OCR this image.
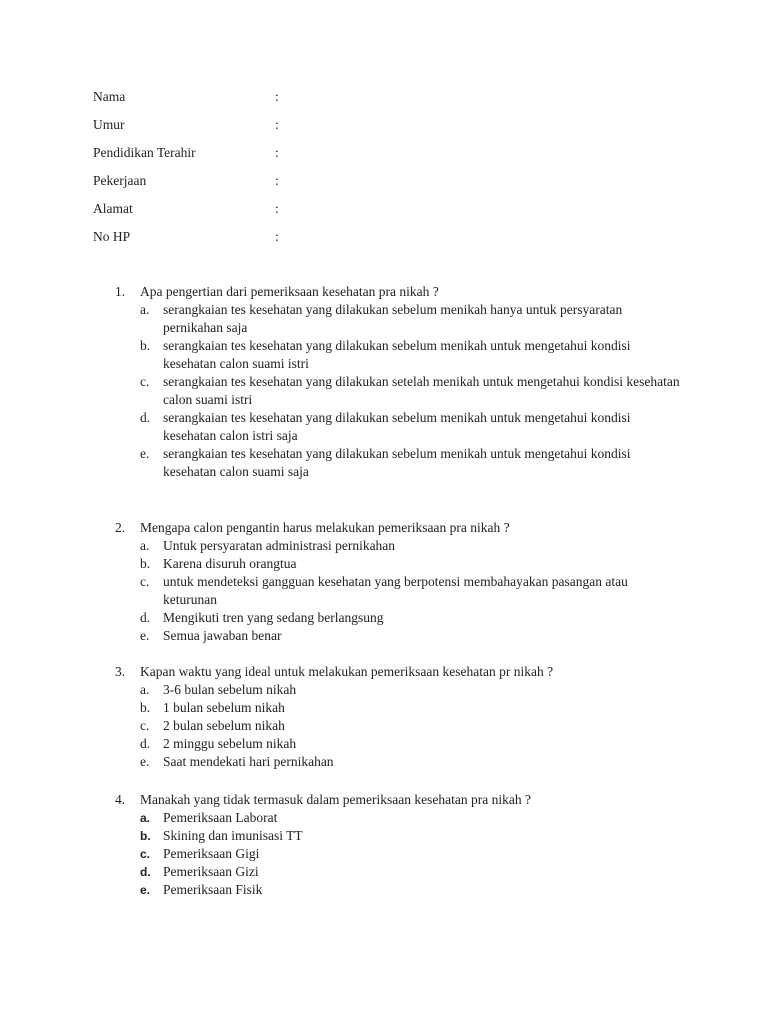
Nama	:
Umur	:
Pendidikan Terahir	:
Pekerjaan	:
Alamat	:
No HP	:
1. Apa pengertian dari pemeriksaan kesehatan pra nikah ?
a. serangkaian tes kesehatan yang dilakukan sebelum menikah hanya untuk persyaratan pernikahan saja
b. serangkaian tes kesehatan yang dilakukan sebelum menikah untuk mengetahui kondisi kesehatan calon suami istri
c. serangkaian tes kesehatan yang dilakukan setelah menikah untuk mengetahui kondisi kesehatan calon suami istri
d. serangkaian tes kesehatan yang dilakukan sebelum menikah untuk mengetahui kondisi kesehatan calon istri saja
e. serangkaian tes kesehatan yang dilakukan sebelum menikah untuk mengetahui kondisi kesehatan calon suami saja
2. Mengapa calon pengantin harus melakukan pemeriksaan pra nikah ?
a. Untuk persyaratan administrasi pernikahan
b. Karena disuruh orangtua
c. untuk mendeteksi gangguan kesehatan yang berpotensi membahayakan pasangan atau keturunan
d. Mengikuti tren yang sedang berlangsung
e. Semua jawaban benar
3. Kapan waktu yang ideal untuk melakukan pemeriksaan kesehatan pr nikah ?
a. 3-6 bulan sebelum nikah
b. 1 bulan sebelum nikah
c. 2 bulan sebelum nikah
d. 2 minggu sebelum nikah
e. Saat mendekati hari pernikahan
4. Manakah yang tidak termasuk dalam pemeriksaan kesehatan pra nikah ?
a. Pemeriksaan Laborat
b. Skining dan imunisasi TT
c. Pemeriksaan Gigi
d. Pemeriksaan Gizi
e. Pemeriksaan Fisik
